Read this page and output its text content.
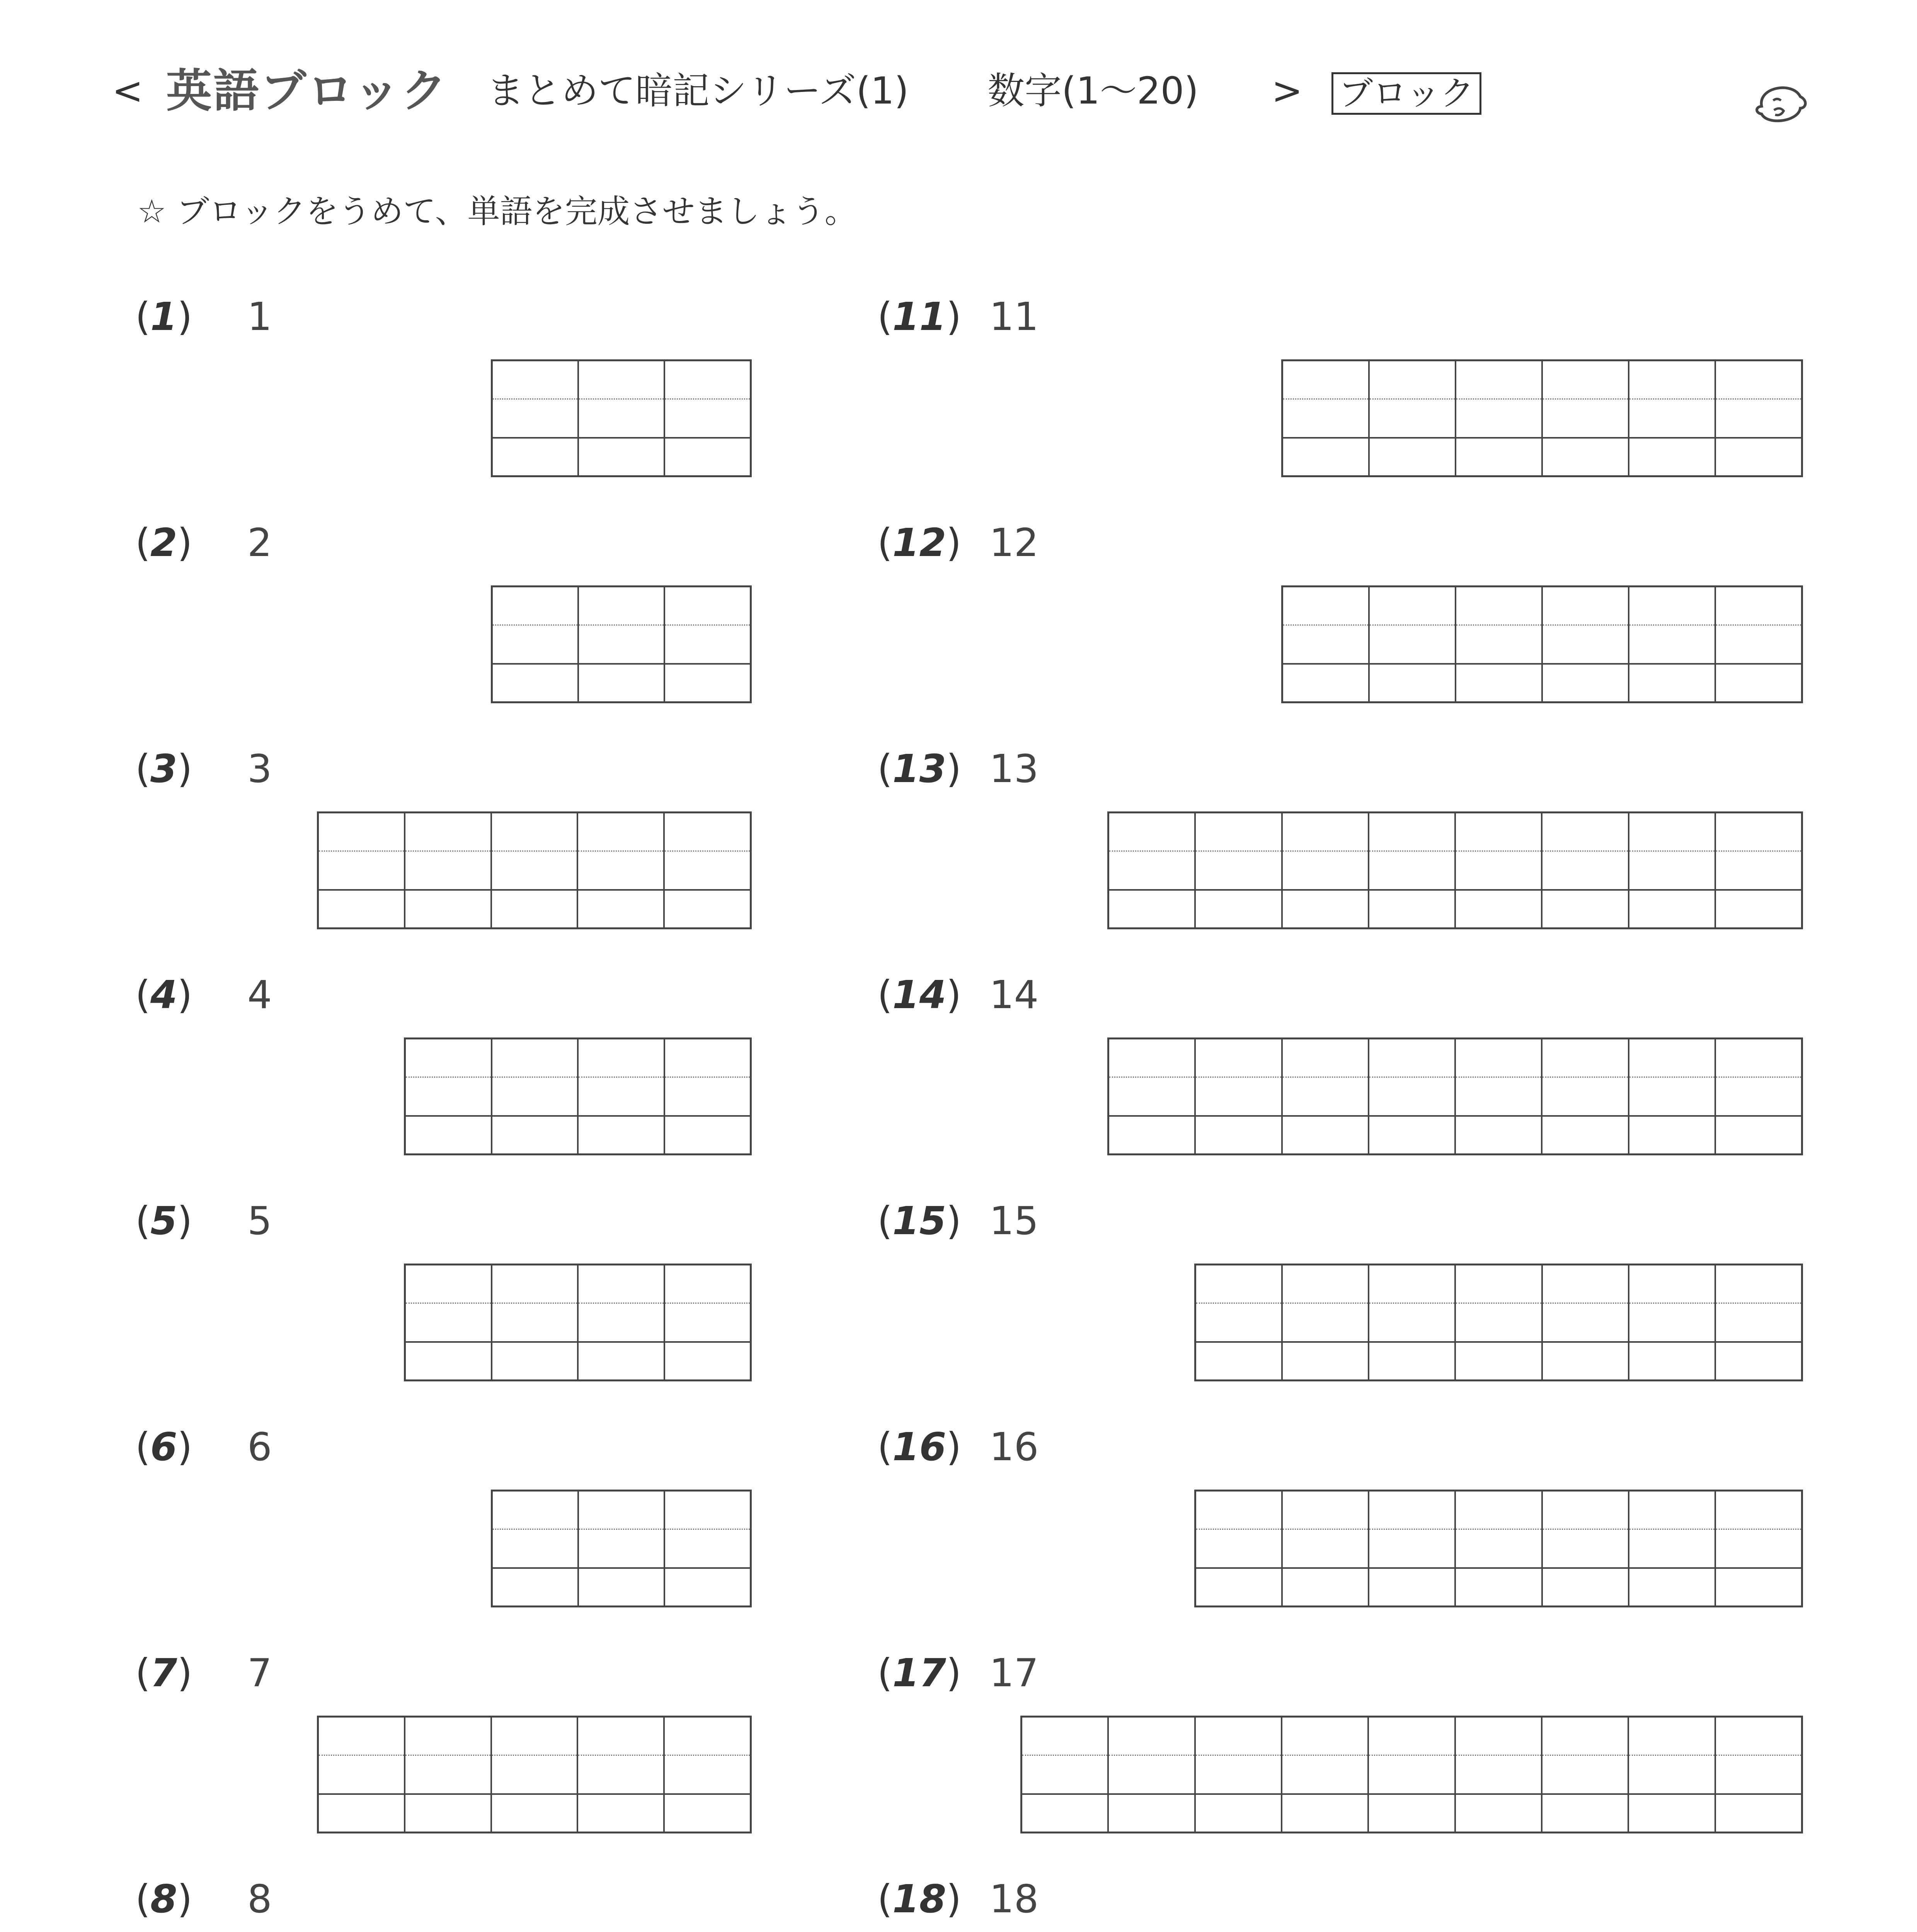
< 英語ブロック まとめて暗記シリーズ(1) 数字(1〜20) > ブロック
☆ ブロックをうめて、単語を完成させましょう。
(1) 1
(2) 2
(3) 3
(4) 4
(5) 5
(6) 6
(7) 7
(8) 8
(11) 11
(12) 12
(13) 13
(14) 14
(15) 15
(16) 16
(17) 17
(18) 18
